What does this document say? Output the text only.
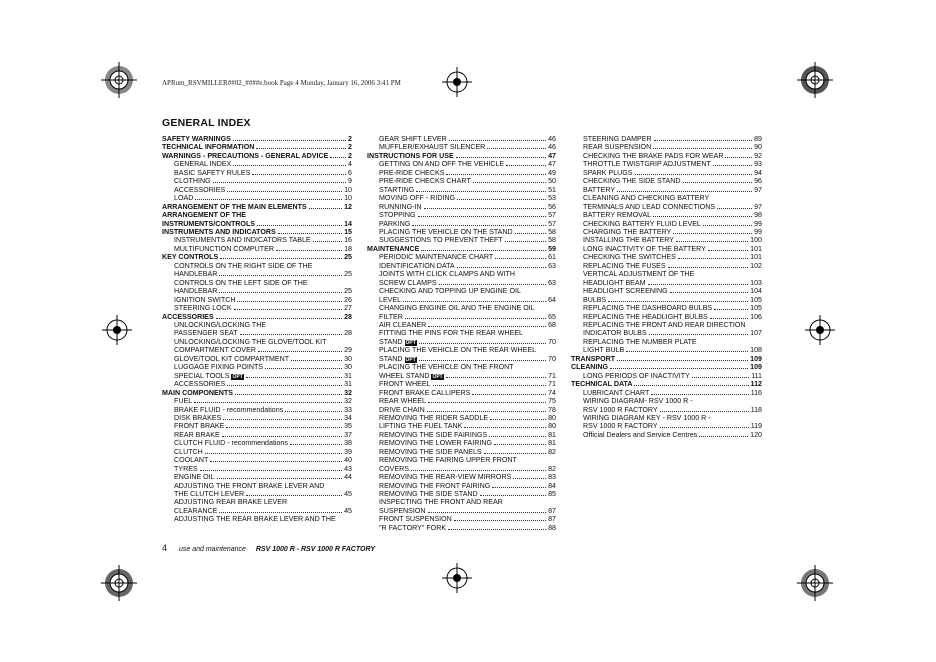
APRum_RSVMILLER##02_####e.book Page 4 Monday, January 16, 2006 3:41 PM
GENERAL INDEX
SAFETY WARNINGS	2
TECHNICAL INFORMATION	2
WARNINGS - PRECAUTIONS - GENERAL ADVICE	2
GENERAL INDEX	4
BASIC SAFETY RULES	6
CLOTHING	9
ACCESSORIES	10
LOAD	10
ARRANGEMENT OF THE MAIN ELEMENTS	12
ARRANGEMENT OF THE
INSTRUMENTS/CONTROLS	14
INSTRUMENTS AND INDICATORS	15
INSTRUMENTS AND INDICATORS TABLE	16
MULTIFUNCTION COMPUTER	18
KEY CONTROLS	25
CONTROLS ON THE RIGHT SIDE OF THE
HANDLEBAR	25
CONTROLS ON THE LEFT SIDE OF THE
HANDLEBAR	25
IGNITION SWITCH	26
STEERING LOCK	27
ACCESSORIES	28
UNLOCKING/LOCKING THE
PASSENGER SEAT	28
UNLOCKING/LOCKING THE GLOVE/TOOL KIT
COMPARTMENT COVER	29
GLOVE/TOOL KIT COMPARTMENT	30
LUGGAGE FIXING POINTS	30
SPECIAL TOOLS OPT	31
ACCESSORIES	31
MAIN COMPONENTS	32
FUEL	32
BRAKE FLUID - recommendations	33
DISK BRAKES	34
FRONT BRAKE	35
REAR BRAKE	37
CLUTCH FLUID - recommendations	38
CLUTCH	39
COOLANT	40
TYRES	43
ENGINE OIL	44
ADJUSTING THE FRONT BRAKE LEVER AND
THE CLUTCH LEVER	45
ADJUSTING REAR BRAKE LEVER
CLEARANCE	45
ADJUSTING THE REAR BRAKE LEVER AND THE
GEAR SHIFT LEVER	46
MUFFLER/EXHAUST SILENCER	46
INSTRUCTIONS FOR USE	47
GETTING ON AND OFF THE VEHICLE	47
PRE-RIDE CHECKS	49
PRE-RIDE CHECKS CHART	50
STARTING	51
MOVING OFF - RIDING	53
RUNNING-IN	56
STOPPING	57
PARKING	57
PLACING THE VEHICLE ON THE STAND	58
SUGGESTIONS TO PREVENT THEFT	58
MAINTENANCE	59
PERIODIC MAINTENANCE CHART	61
IDENTIFICATION DATA	63
JOINTS WITH CLICK CLAMPS AND WITH
SCREW CLAMPS	63
CHECKING AND TOPPING UP ENGINE OIL
LEVEL	64
CHANGING ENGINE OIL AND THE ENGINE OIL
FILTER	65
AIR CLEANER	68
FITTING THE PINS FOR THE REAR WHEEL
STAND OPT	70
PLACING THE VEHICLE ON THE REAR WHEEL
STAND OPT	70
PLACING THE VEHICLE ON THE FRONT
WHEEL STAND OPT	71
FRONT WHEEL	71
FRONT BRAKE CALLIPERS	74
REAR WHEEL	75
DRIVE CHAIN	78
REMOVING THE RIDER SADDLE	80
LIFTING THE FUEL TANK	80
REMOVING THE SIDE FAIRINGS	81
REMOVING THE LOWER FAIRING	81
REMOVING THE SIDE PANELS	82
REMOVING THE FAIRING UPPER FRONT
COVERS	82
REMOVING THE REAR-VIEW MIRRORS	83
REMOVING THE FRONT FAIRING	84
REMOVING THE SIDE STAND	85
INSPECTING THE FRONT AND REAR
SUSPENSION	87
FRONT SUSPENSION	87
"R FACTORY" FORK	88
STEERING DAMPER	89
REAR SUSPENSION	90
CHECKING THE BRAKE PADS FOR WEAR	92
THROTTLE TWISTGRIP ADJUSTMENT	93
SPARK PLUGS	94
CHECKING THE SIDE STAND	96
BATTERY	97
CLEANING AND CHECKING BATTERY
TERMINALS AND LEAD CONNECTIONS	97
BATTERY REMOVAL	98
CHECKING BATTERY FLUID LEVEL	99
CHARGING THE BATTERY	99
INSTALLING THE BATTERY	100
LONG INACTIVITY OF THE BATTERY	101
CHECKING THE SWITCHES	101
REPLACING THE FUSES	102
VERTICAL ADJUSTMENT OF THE
HEADLIGHT BEAM	103
HEADLIGHT SCREENING	104
BULBS	105
REPLACING THE DASHBOARD BULBS	105
REPLACING THE HEADLIGHT BULBS	106
REPLACING THE FRONT AND REAR DIRECTION
INDICATOR BULBS	107
REPLACING THE NUMBER PLATE
LIGHT BULB	108
TRANSPORT	109
CLEANING	109
LONG PERIODS OF INACTIVITY	111
TECHNICAL DATA	112
LUBRICANT CHART	116
WIRING DIAGRAM- RSV 1000 R -
RSV 1000 R FACTORY	118
WIRING DIAGRAM KEY - RSV 1000 R -
RSV 1000 R FACTORY	119
Official Dealers and Service Centres	120
4 use and maintenance RSV 1000 R - RSV 1000 R FACTORY
